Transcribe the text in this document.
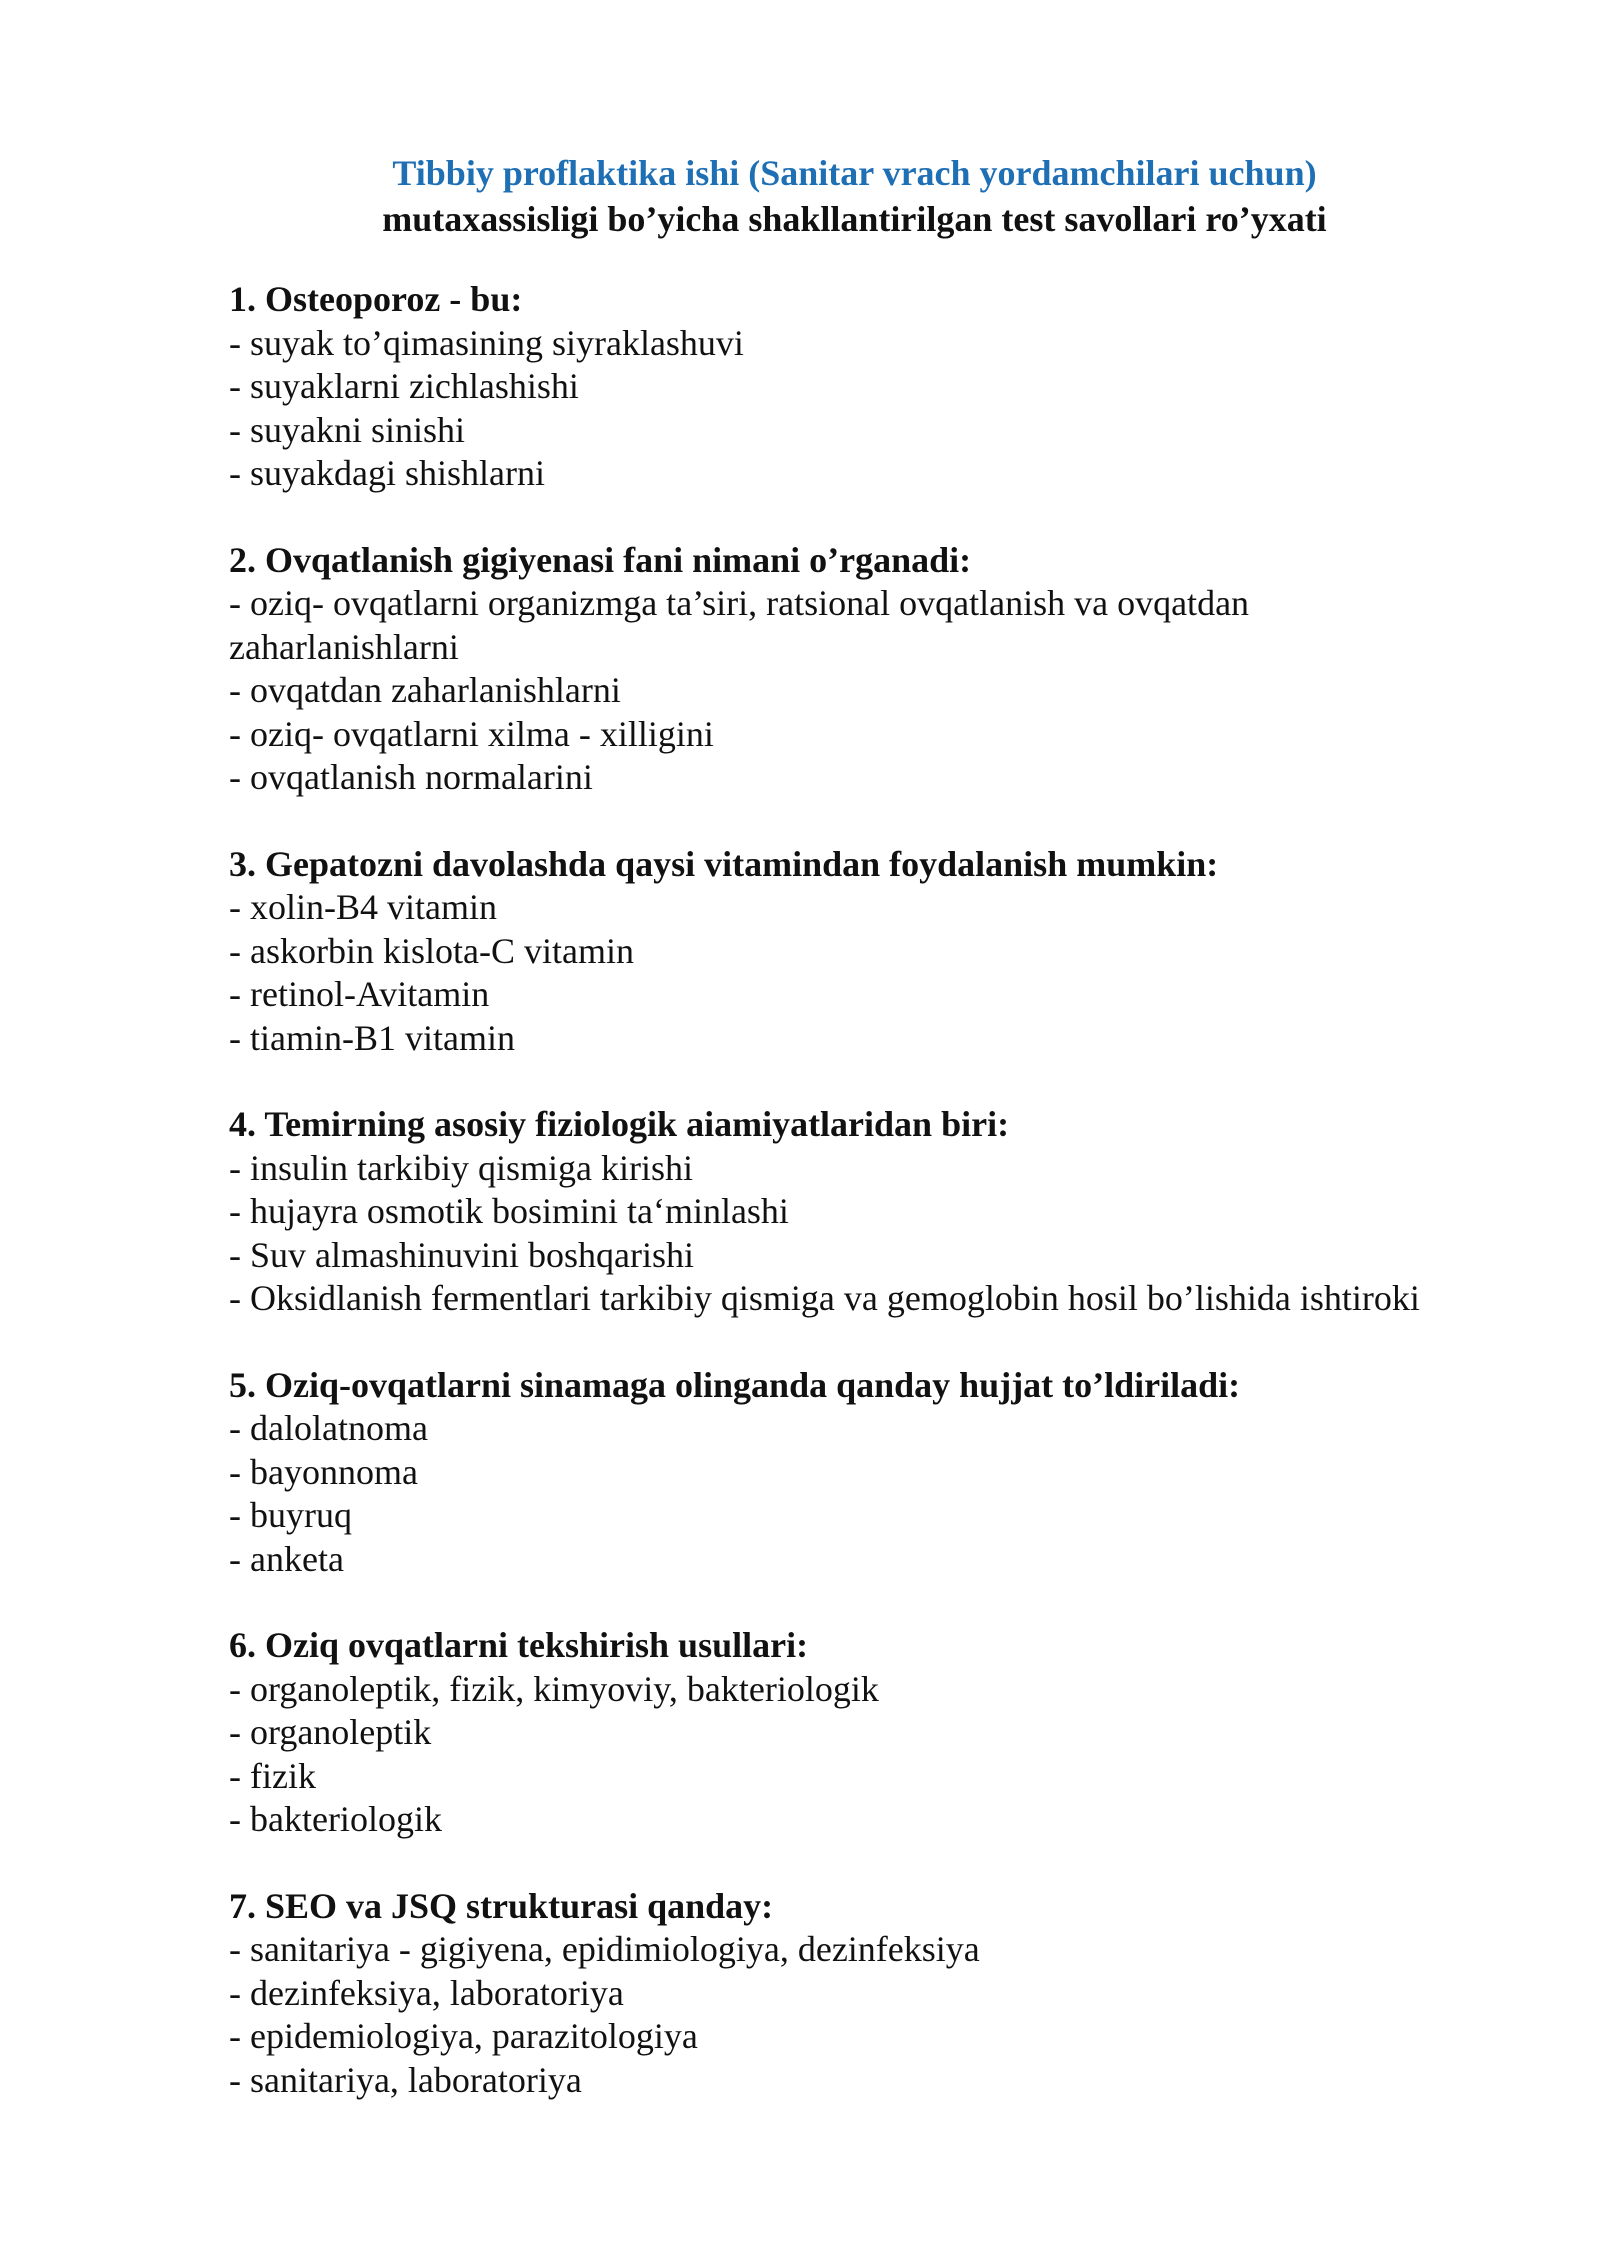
Tibbiy proflaktika ishi (Sanitar vrach yordamchilari uchun)
mutaxassisligi bo’yicha shakllantirilgan test savollari ro’yxati
1. Osteoporoz - bu:
- suyak to’qimasining siyraklashuvi
- suyaklarni zichlashishi
- suyakni sinishi
- suyakdagi shishlarni
2. Ovqatlanish gigiyenasi fani nimani o’rganadi:
- oziq- ovqatlarni organizmga ta’siri, ratsional ovqatlanish va ovqatdan zaharlanishlarni
- ovqatdan zaharlanishlarni
- oziq- ovqatlarni xilma - xilligini
- ovqatlanish normalarini
3. Gepatozni davolashda qaysi vitamindan foydalanish mumkin:
- xolin-B4 vitamin
- askorbin kislota-C vitamin
- retinol-Avitamin
- tiamin-B1 vitamin
4. Temirning asosiy fiziologik aiamiyatlaridan biri:
- insulin tarkibiy qismiga kirishi
- hujayra osmotik bosimini ta‘minlashi
- Suv almashinuvini boshqarishi
- Oksidlanish fermentlari tarkibiy qismiga va gemoglobin hosil bo’lishida ishtiroki
5. Oziq-ovqatlarni sinamaga olinganda qanday hujjat to’ldiriladi:
- dalolatnoma
- bayonnoma
- buyruq
- anketa
6. Oziq ovqatlarni tekshirish usullari:
- organoleptik, fizik, kimyoviy, bakteriologik
- organoleptik
- fizik
- bakteriologik
7. SEO va JSQ strukturasi qanday:
- sanitariya - gigiyena, epidimiologiya, dezinfeksiya
- dezinfeksiya, laboratoriya
- epidemiologiya, parazitologiya
- sanitariya, laboratoriya
